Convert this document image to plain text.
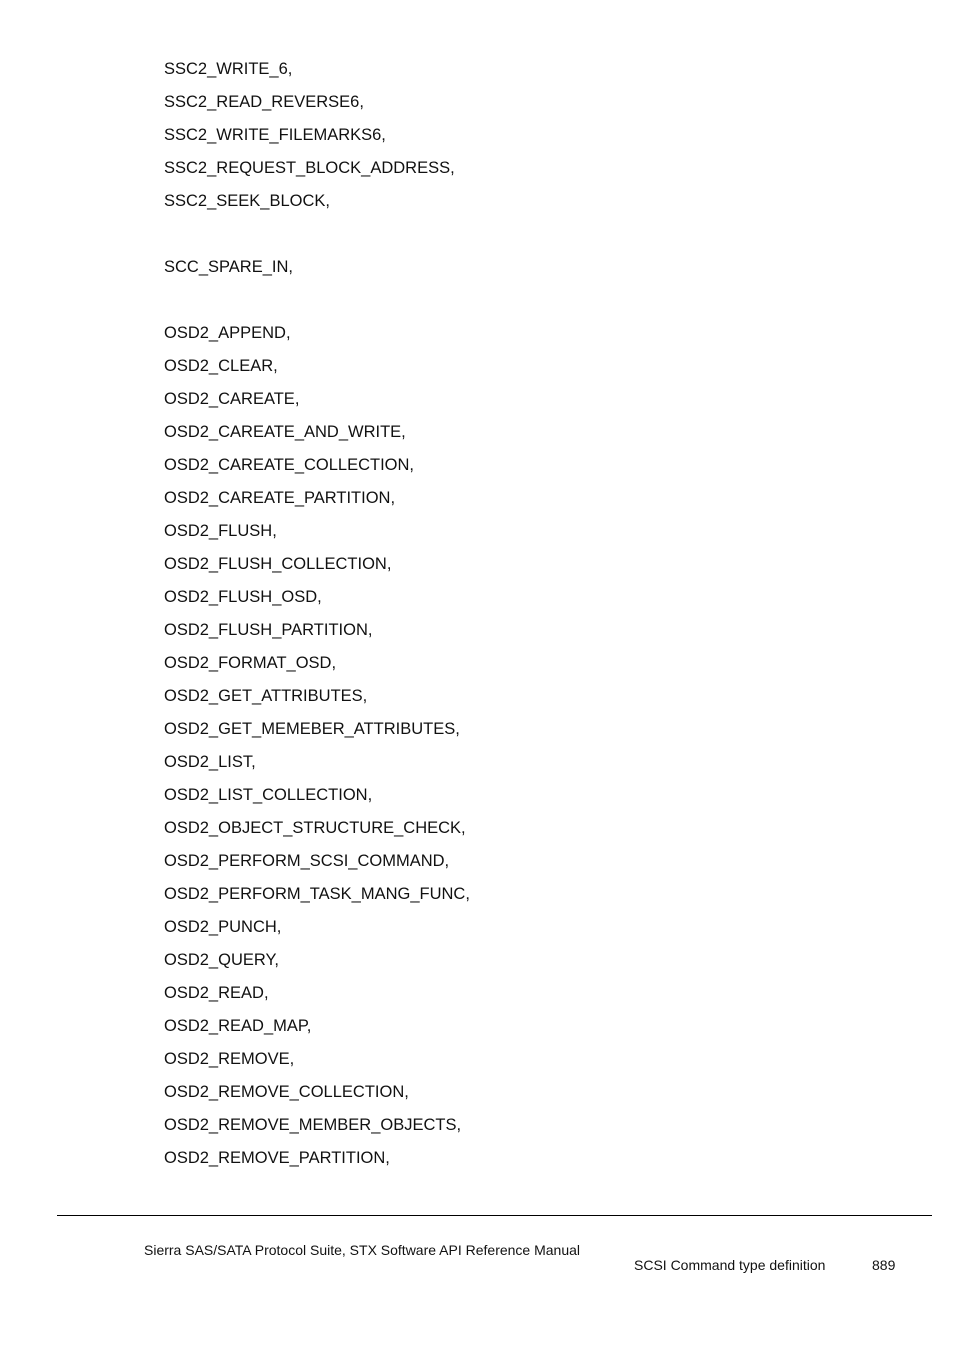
SSC2_WRITE_6,
SSC2_READ_REVERSE6,
SSC2_WRITE_FILEMARKS6,
SSC2_REQUEST_BLOCK_ADDRESS,
SSC2_SEEK_BLOCK,
SCC_SPARE_IN,
OSD2_APPEND,
OSD2_CLEAR,
OSD2_CAREATE,
OSD2_CAREATE_AND_WRITE,
OSD2_CAREATE_COLLECTION,
OSD2_CAREATE_PARTITION,
OSD2_FLUSH,
OSD2_FLUSH_COLLECTION,
OSD2_FLUSH_OSD,
OSD2_FLUSH_PARTITION,
OSD2_FORMAT_OSD,
OSD2_GET_ATTRIBUTES,
OSD2_GET_MEMEBER_ATTRIBUTES,
OSD2_LIST,
OSD2_LIST_COLLECTION,
OSD2_OBJECT_STRUCTURE_CHECK,
OSD2_PERFORM_SCSI_COMMAND,
OSD2_PERFORM_TASK_MANG_FUNC,
OSD2_PUNCH,
OSD2_QUERY,
OSD2_READ,
OSD2_READ_MAP,
OSD2_REMOVE,
OSD2_REMOVE_COLLECTION,
OSD2_REMOVE_MEMBER_OBJECTS,
OSD2_REMOVE_PARTITION,
Sierra SAS/SATA Protocol Suite, STX Software API Reference Manual
SCSI Command type definition	889
